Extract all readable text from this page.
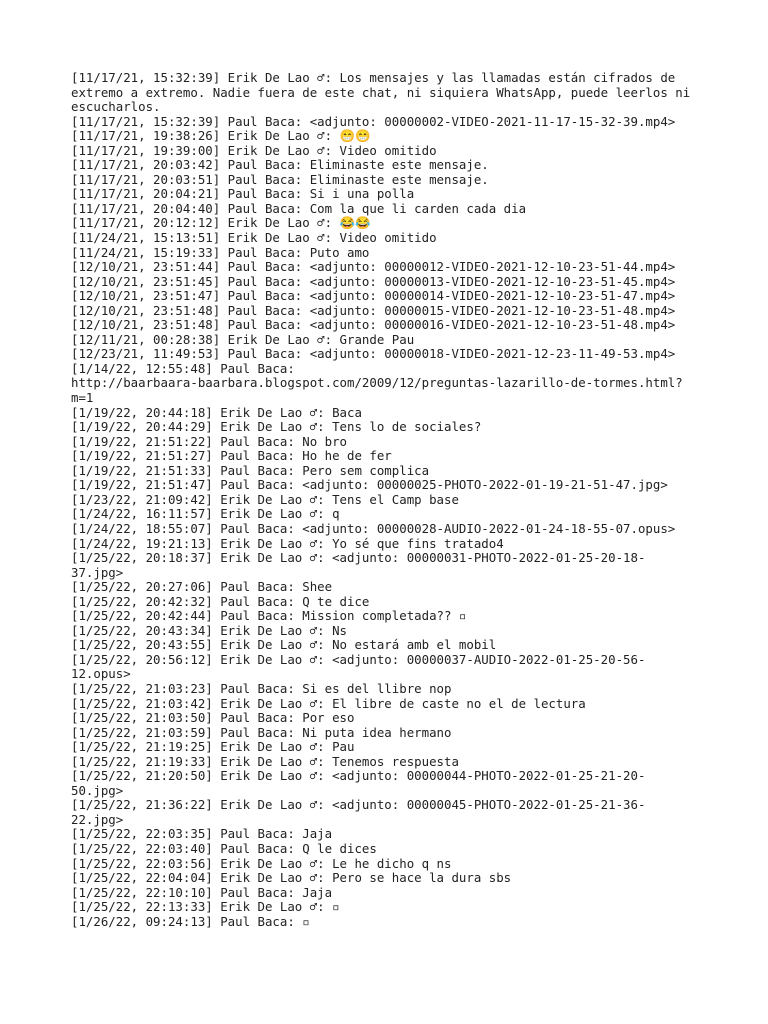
[11/17/21, 15:32:39] Erik De Lao ♂: Los mensajes y las llamadas están cifrados de
extremo a extremo. Nadie fuera de este chat, ni siquiera WhatsApp, puede leerlos ni
escucharlos.
[11/17/21, 15:32:39] Paul Baca: <adjunto: 00000002-VIDEO-2021-11-17-15-32-39.mp4>
[11/17/21, 19:38:26] Erik De Lao ♂: 😁😁
[11/17/21, 19:39:00] Erik De Lao ♂: Video omitido
[11/17/21, 20:03:42] Paul Baca: Eliminaste este mensaje.
[11/17/21, 20:03:51] Paul Baca: Eliminaste este mensaje.
[11/17/21, 20:04:21] Paul Baca: Si i una polla
[11/17/21, 20:04:40] Paul Baca: Com la que li carden cada dia
[11/17/21, 20:12:12] Erik De Lao ♂: 😂😂
[11/24/21, 15:13:51] Erik De Lao ♂: Video omitido
[11/24/21, 15:19:33] Paul Baca: Puto amo
[12/10/21, 23:51:44] Paul Baca: <adjunto: 00000012-VIDEO-2021-12-10-23-51-44.mp4>
[12/10/21, 23:51:45] Paul Baca: <adjunto: 00000013-VIDEO-2021-12-10-23-51-45.mp4>
[12/10/21, 23:51:47] Paul Baca: <adjunto: 00000014-VIDEO-2021-12-10-23-51-47.mp4>
[12/10/21, 23:51:48] Paul Baca: <adjunto: 00000015-VIDEO-2021-12-10-23-51-48.mp4>
[12/10/21, 23:51:48] Paul Baca: <adjunto: 00000016-VIDEO-2021-12-10-23-51-48.mp4>
[12/11/21, 00:28:38] Erik De Lao ♂: Grande Pau
[12/23/21, 11:49:53] Paul Baca: <adjunto: 00000018-VIDEO-2021-12-23-11-49-53.mp4>
[1/14/22, 12:55:48] Paul Baca:
http://baarbaara-baarbara.blogspot.com/2009/12/preguntas-lazarillo-de-tormes.html?
m=1
[1/19/22, 20:44:18] Erik De Lao ♂: Baca
[1/19/22, 20:44:29] Erik De Lao ♂: Tens lo de sociales?
[1/19/22, 21:51:22] Paul Baca: No bro
[1/19/22, 21:51:27] Paul Baca: Ho he de fer
[1/19/22, 21:51:33] Paul Baca: Pero sem complica
[1/19/22, 21:51:47] Paul Baca: <adjunto: 00000025-PHOTO-2022-01-19-21-51-47.jpg>
[1/23/22, 21:09:42] Erik De Lao ♂: Tens el Camp base
[1/24/22, 16:11:57] Erik De Lao ♂: q
[1/24/22, 18:55:07] Paul Baca: <adjunto: 00000028-AUDIO-2022-01-24-18-55-07.opus>
[1/24/22, 19:21:13] Erik De Lao ♂: Yo sé que fins tratado4
[1/25/22, 20:18:37] Erik De Lao ♂: <adjunto: 00000031-PHOTO-2022-01-25-20-18-
37.jpg>
[1/25/22, 20:27:06] Paul Baca: Shee
[1/25/22, 20:42:32] Paul Baca: Q te dice
[1/25/22, 20:42:44] Paul Baca: Mission completada?? ▫
[1/25/22, 20:43:34] Erik De Lao ♂: Ns
[1/25/22, 20:43:55] Erik De Lao ♂: No estará amb el mobil
[1/25/22, 20:56:12] Erik De Lao ♂: <adjunto: 00000037-AUDIO-2022-01-25-20-56-
12.opus>
[1/25/22, 21:03:23] Paul Baca: Si es del llibre nop
[1/25/22, 21:03:42] Erik De Lao ♂: El libre de caste no el de lectura
[1/25/22, 21:03:50] Paul Baca: Por eso
[1/25/22, 21:03:59] Paul Baca: Ni puta idea hermano
[1/25/22, 21:19:25] Erik De Lao ♂: Pau
[1/25/22, 21:19:33] Erik De Lao ♂: Tenemos respuesta
[1/25/22, 21:20:50] Erik De Lao ♂: <adjunto: 00000044-PHOTO-2022-01-25-21-20-
50.jpg>
[1/25/22, 21:36:22] Erik De Lao ♂: <adjunto: 00000045-PHOTO-2022-01-25-21-36-
22.jpg>
[1/25/22, 22:03:35] Paul Baca: Jaja
[1/25/22, 22:03:40] Paul Baca: Q le dices
[1/25/22, 22:03:56] Erik De Lao ♂: Le he dicho q ns
[1/25/22, 22:04:04] Erik De Lao ♂: Pero se hace la dura sbs
[1/25/22, 22:10:10] Paul Baca: Jaja
[1/25/22, 22:13:33] Erik De Lao ♂: ▫
[1/26/22, 09:24:13] Paul Baca: ▫
